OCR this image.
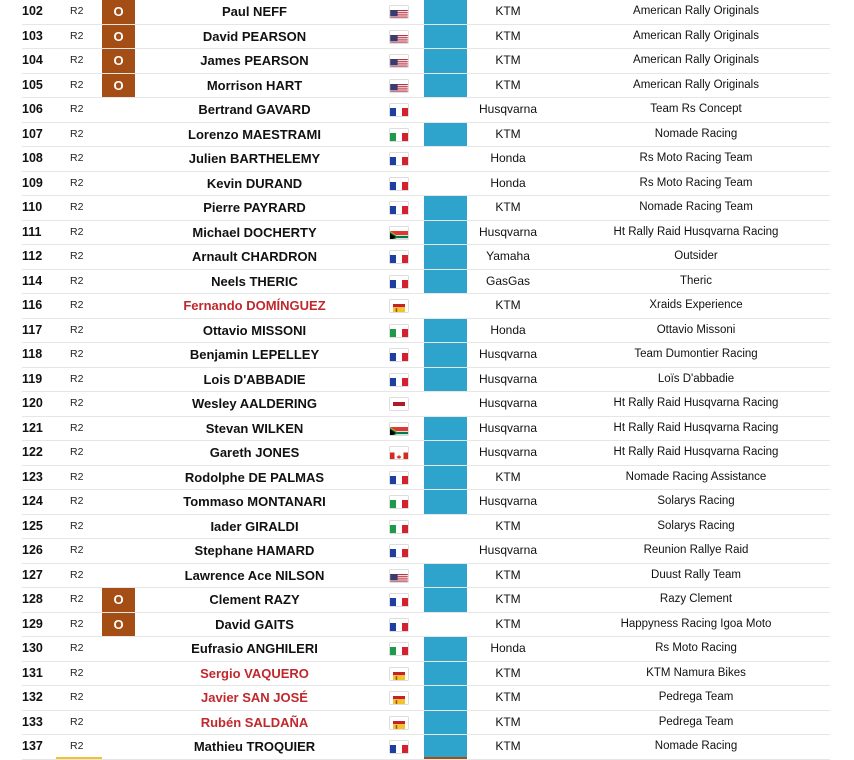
102	R2	O	Paul NEFF	KTM	American Rally Originals
103	R2	O	David PEARSON	KTM	American Rally Originals
104	R2	O	James PEARSON	KTM	American Rally Originals
105	R2	O	Morrison HART	KTM	American Rally Originals
106	R2	Bertrand GAVARD	Husqvarna	Team Rs Concept
107	R2	Lorenzo MAESTRAMI	KTM	Nomade Racing
108	R2	Julien BARTHELEMY	Honda	Rs Moto Racing Team
109	R2	Kevin DURAND	Honda	Rs Moto Racing Team
110	R2	Pierre PAYRARD	KTM	Nomade Racing Team
111	R2	Michael DOCHERTY	Husqvarna	Ht Rally Raid Husqvarna Racing
112	R2	Arnault CHARDRON	Yamaha	Outsider
114	R2	Neels THERIC	GasGas	Theric
116	R2	Fernando DOMÍNGUEZ	KTM	Xraids Experience
117	R2	Ottavio MISSONI	Honda	Ottavio Missoni
118	R2	Benjamin LEPELLEY	Husqvarna	Team Dumontier Racing
119	R2	Lois D'ABBADIE	Husqvarna	Loïs D'abbadie
120	R2	Wesley AALDERING	Husqvarna	Ht Rally Raid Husqvarna Racing
121	R2	Stevan WILKEN	Husqvarna	Ht Rally Raid Husqvarna Racing
122	R2	Gareth JONES	Husqvarna	Ht Rally Raid Husqvarna Racing
123	R2	Rodolphe DE PALMAS	KTM	Nomade Racing Assistance
124	R2	Tommaso MONTANARI	Husqvarna	Solarys Racing
125	R2	Iader GIRALDI	KTM	Solarys Racing
126	R2	Stephane HAMARD	Husqvarna	Reunion Rallye Raid
127	R2	Lawrence Ace NILSON	KTM	Duust Rally Team
128	R2	O	Clement RAZY	KTM	Razy Clement
129	R2	O	David GAITS	KTM	Happyness Racing Igoa Moto
130	R2	Eufrasio ANGHILERI	Honda	Rs Moto Racing
131	R2	Sergio VAQUERO	KTM	KTM Namura Bikes
132	R2	Javier SAN JOSÉ	KTM	Pedrega Team
133	R2	Rubén SALDAÑA	KTM	Pedrega Team
137	R2	Mathieu TROQUIER	KTM	Nomade Racing
